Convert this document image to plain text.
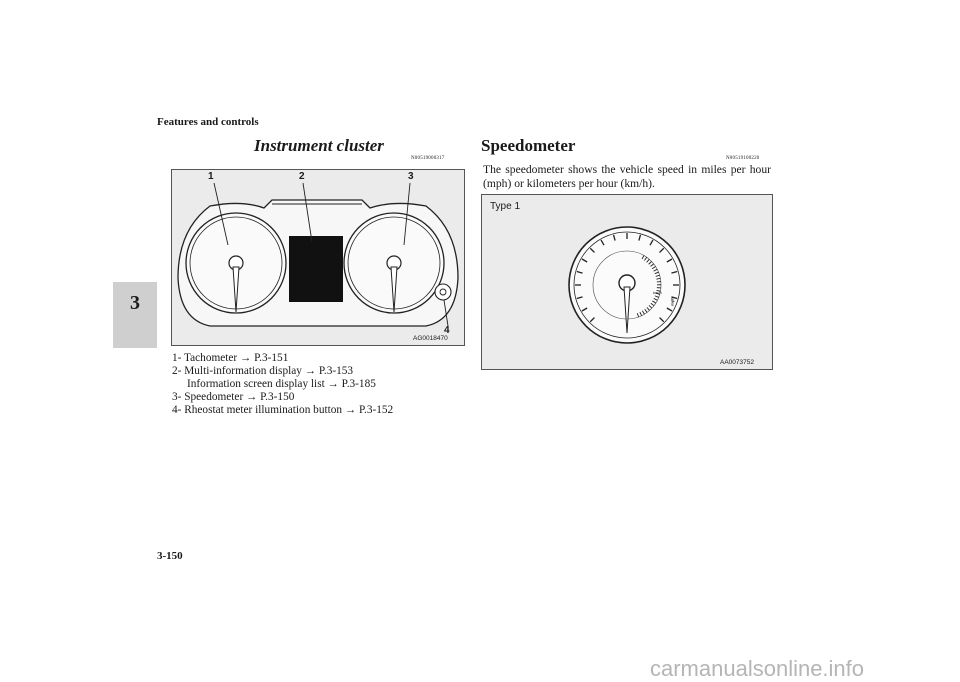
Features and controls
3
Instrument cluster
N00519000317
1	2	3
4
AG0018470
1- Tachometer → P.3-151
2- Multi-information display → P.3-153
Information screen display list → P.3-185
3- Speedometer → P.3-150
4- Rheostat meter illumination button → P.3-152
Speedometer
N00519100220
The speedometer shows the vehicle speed in miles per hour (mph) or kilometers per hour (km/h).
Type 1
km/h
mph
AA0073752
3-150
carmanualsonline.info
